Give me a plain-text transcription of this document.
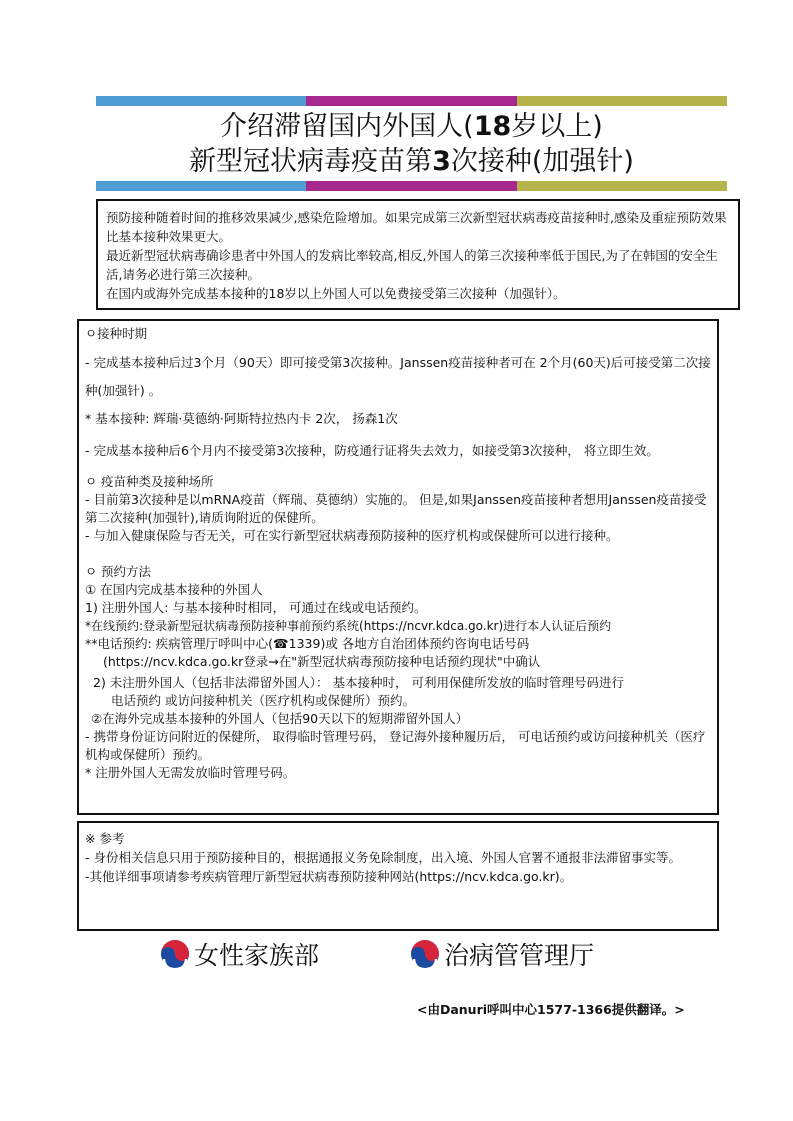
介绍滞留国内外国人(18岁以上)
新型冠状病毒疫苗第3次接种(加强针)

预防接种随着时间的推移效果减少,感染危险增加。如果完成第三次新型冠状病毒疫苗接种时,感染及重症预防效果比基本接种效果更大。

最近新型冠状病毒确诊患者中外国人的发病比率较高,相反,外国人的第三次接种率低于国民,为了在韩国的安全生活,请务必进行第三次接种。

在国内或海外完成基本接种的18岁以上外国人可以免费接受第三次接种（加强针）。

ㅇ接种时期

- 完成基本接种后过3个月（90天）即可接受第3次接种。Janssen疫苗接种者可在 2个月(60天)后可接受第二次接种(加强针) 。

* 基本接种: 辉瑞·莫德纳·阿斯特拉热内卡 2次， 扬森1次

- 完成基本接种后6个月内不接受第3次接种，防疫通行证将失去效力，如接受第3次接种， 将立即生效。

ㅇ 疫苗种类及接种场所

- 目前第3次接种是以mRNA疫苗（辉瑞、莫德纳）实施的。 但是,如果Janssen疫苗接种者想用Janssen疫苗接受第二次接种(加强针),请质询附近的保健所。

- 与加入健康保险与否无关，可在实行新型冠状病毒预防接种的医疗机构或保健所可以进行接种。

ㅇ 预约方法

① 在国内完成基本接种的外国人

1) 注册外国人: 与基本接种时相同， 可通过在线或电话预约。

*在线预约:登录新型冠状病毒预防接种事前预约系统(https://ncvr.kdca.go.kr)进行本人认证后预约

**电话预约: 疾病管理厅呼叫中心(☎1339)或 各地方自治团体预约咨询电话号码

(https://ncv.kdca.go.kr登录→在"新型冠状病毒预防接种电话预约现状"中确认

2) 未注册外国人（包括非法滞留外国人）： 基本接种时， 可利用保健所发放的临时管理号码进行

电话预约 或访问接种机关（医疗机构或保健所）预约。

②在海外完成基本接种的外国人（包括90天以下的短期滞留外国人）

- 携带身份证访问附近的保健所， 取得临时管理号码， 登记海外接种履历后， 可电话预约或访问接种机关（医疗机构或保健所）预约。

* 注册外国人无需发放临时管理号码。

※ 参考

- 身份相关信息只用于预防接种目的，根据通报义务免除制度，出入境、外国人官署不通报非法滞留事实等。

-其他详细事项请参考疾病管理厅新型冠状病毒预防接种网站(https://ncv.kdca.go.kr)。

女性家族部	治病管管理厅
<由Danuri呼叫中心1577-1366提供翻译。>
